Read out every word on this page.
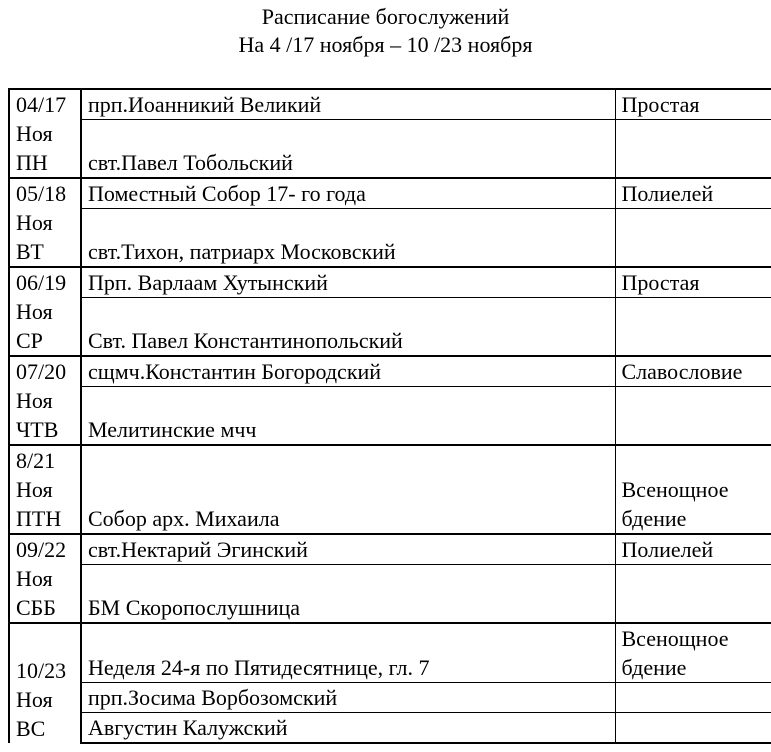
Расписание богослужений
На 4 /17 ноября – 10 /23 ноября
04/17
Ноя
ПН	прп.Иоанникий Великий	Простая
	свт.Павел Тобольский	

05/18
Ноя
ВТ	Поместный Собор 17- го года	Полиелей
	свт.Тихон, патриарх Московский	

06/19
Ноя
СР	Прп. Варлаам Хутынский	Простая
	Свт. Павел Константинопольский	

07/20
Ноя
ЧТВ	сщмч.Константин Богородский	Славословие
	Мелитинские мчч	

8/21
Ноя
ПТН	Собор арх. Михаила	Всенощное
бдение

09/22
Ноя
СББ	свт.Нектарий Эгинский	Полиелей
	БМ Скоропослушница	

10/23
Ноя
ВС	Неделя 24-я по Пятидесятнице, гл. 7	Всенощное
бдение

	прп.Зосима Ворбозомский	
	Августин Калужский	
